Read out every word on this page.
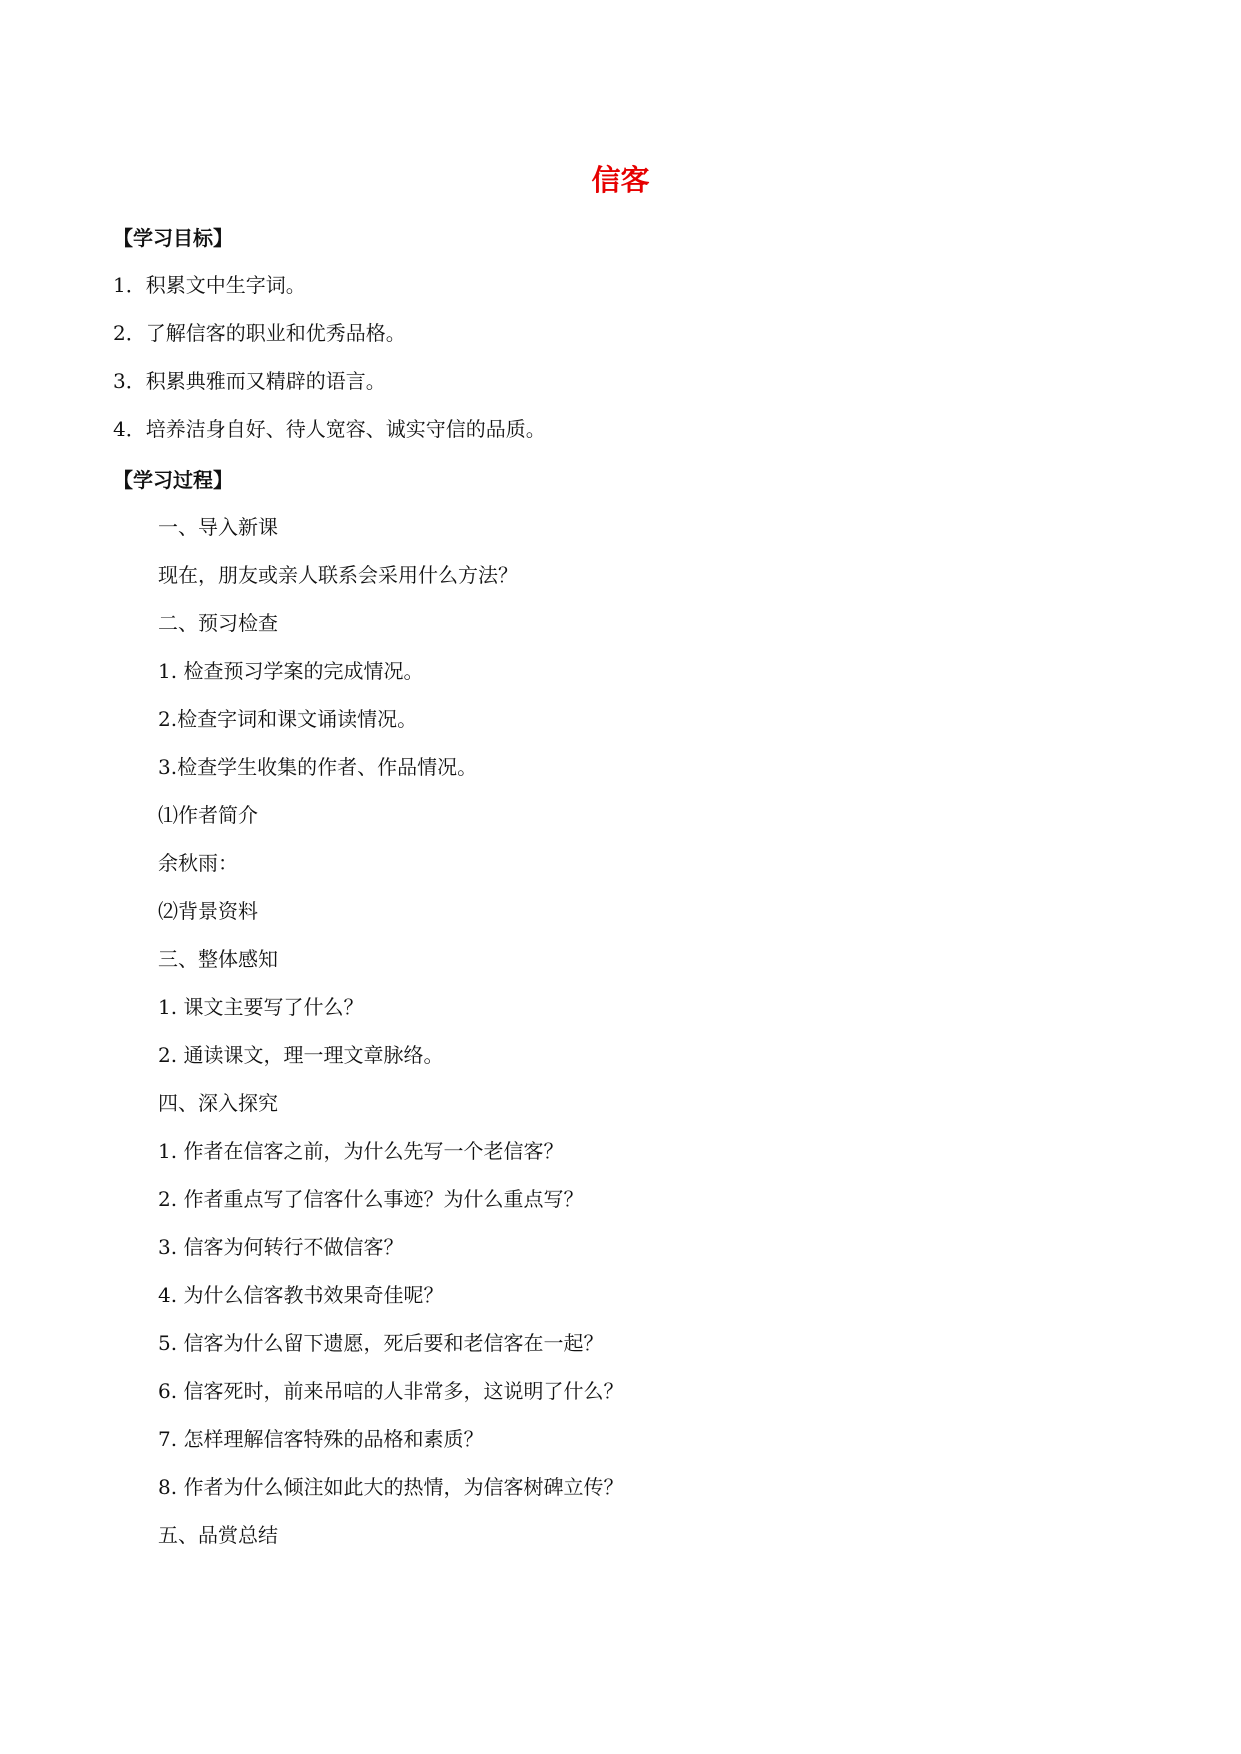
信客
【学习目标】
1．积累文中生字词。
2．了解信客的职业和优秀品格。
3．积累典雅而又精辟的语言。
4．培养洁身自好、待人宽容、诚实守信的品质。
【学习过程】
一、导入新课
现在，朋友或亲人联系会采用什么方法？
二、预习检查
1. 检查预习学案的完成情况。
2.检查字词和课文诵读情况。
3.检查学生收集的作者、作品情况。
⑴作者简介
余秋雨：
⑵背景资料
三、整体感知
1. 课文主要写了什么？
2. 通读课文，理一理文章脉络。
四、深入探究
1. 作者在信客之前，为什么先写一个老信客？
2. 作者重点写了信客什么事迹？为什么重点写？
3. 信客为何转行不做信客？
4. 为什么信客教书效果奇佳呢？
5. 信客为什么留下遗愿，死后要和老信客在一起？
6. 信客死时，前来吊唁的人非常多，这说明了什么？
7. 怎样理解信客特殊的品格和素质？
8. 作者为什么倾注如此大的热情，为信客树碑立传？
五、品赏总结
